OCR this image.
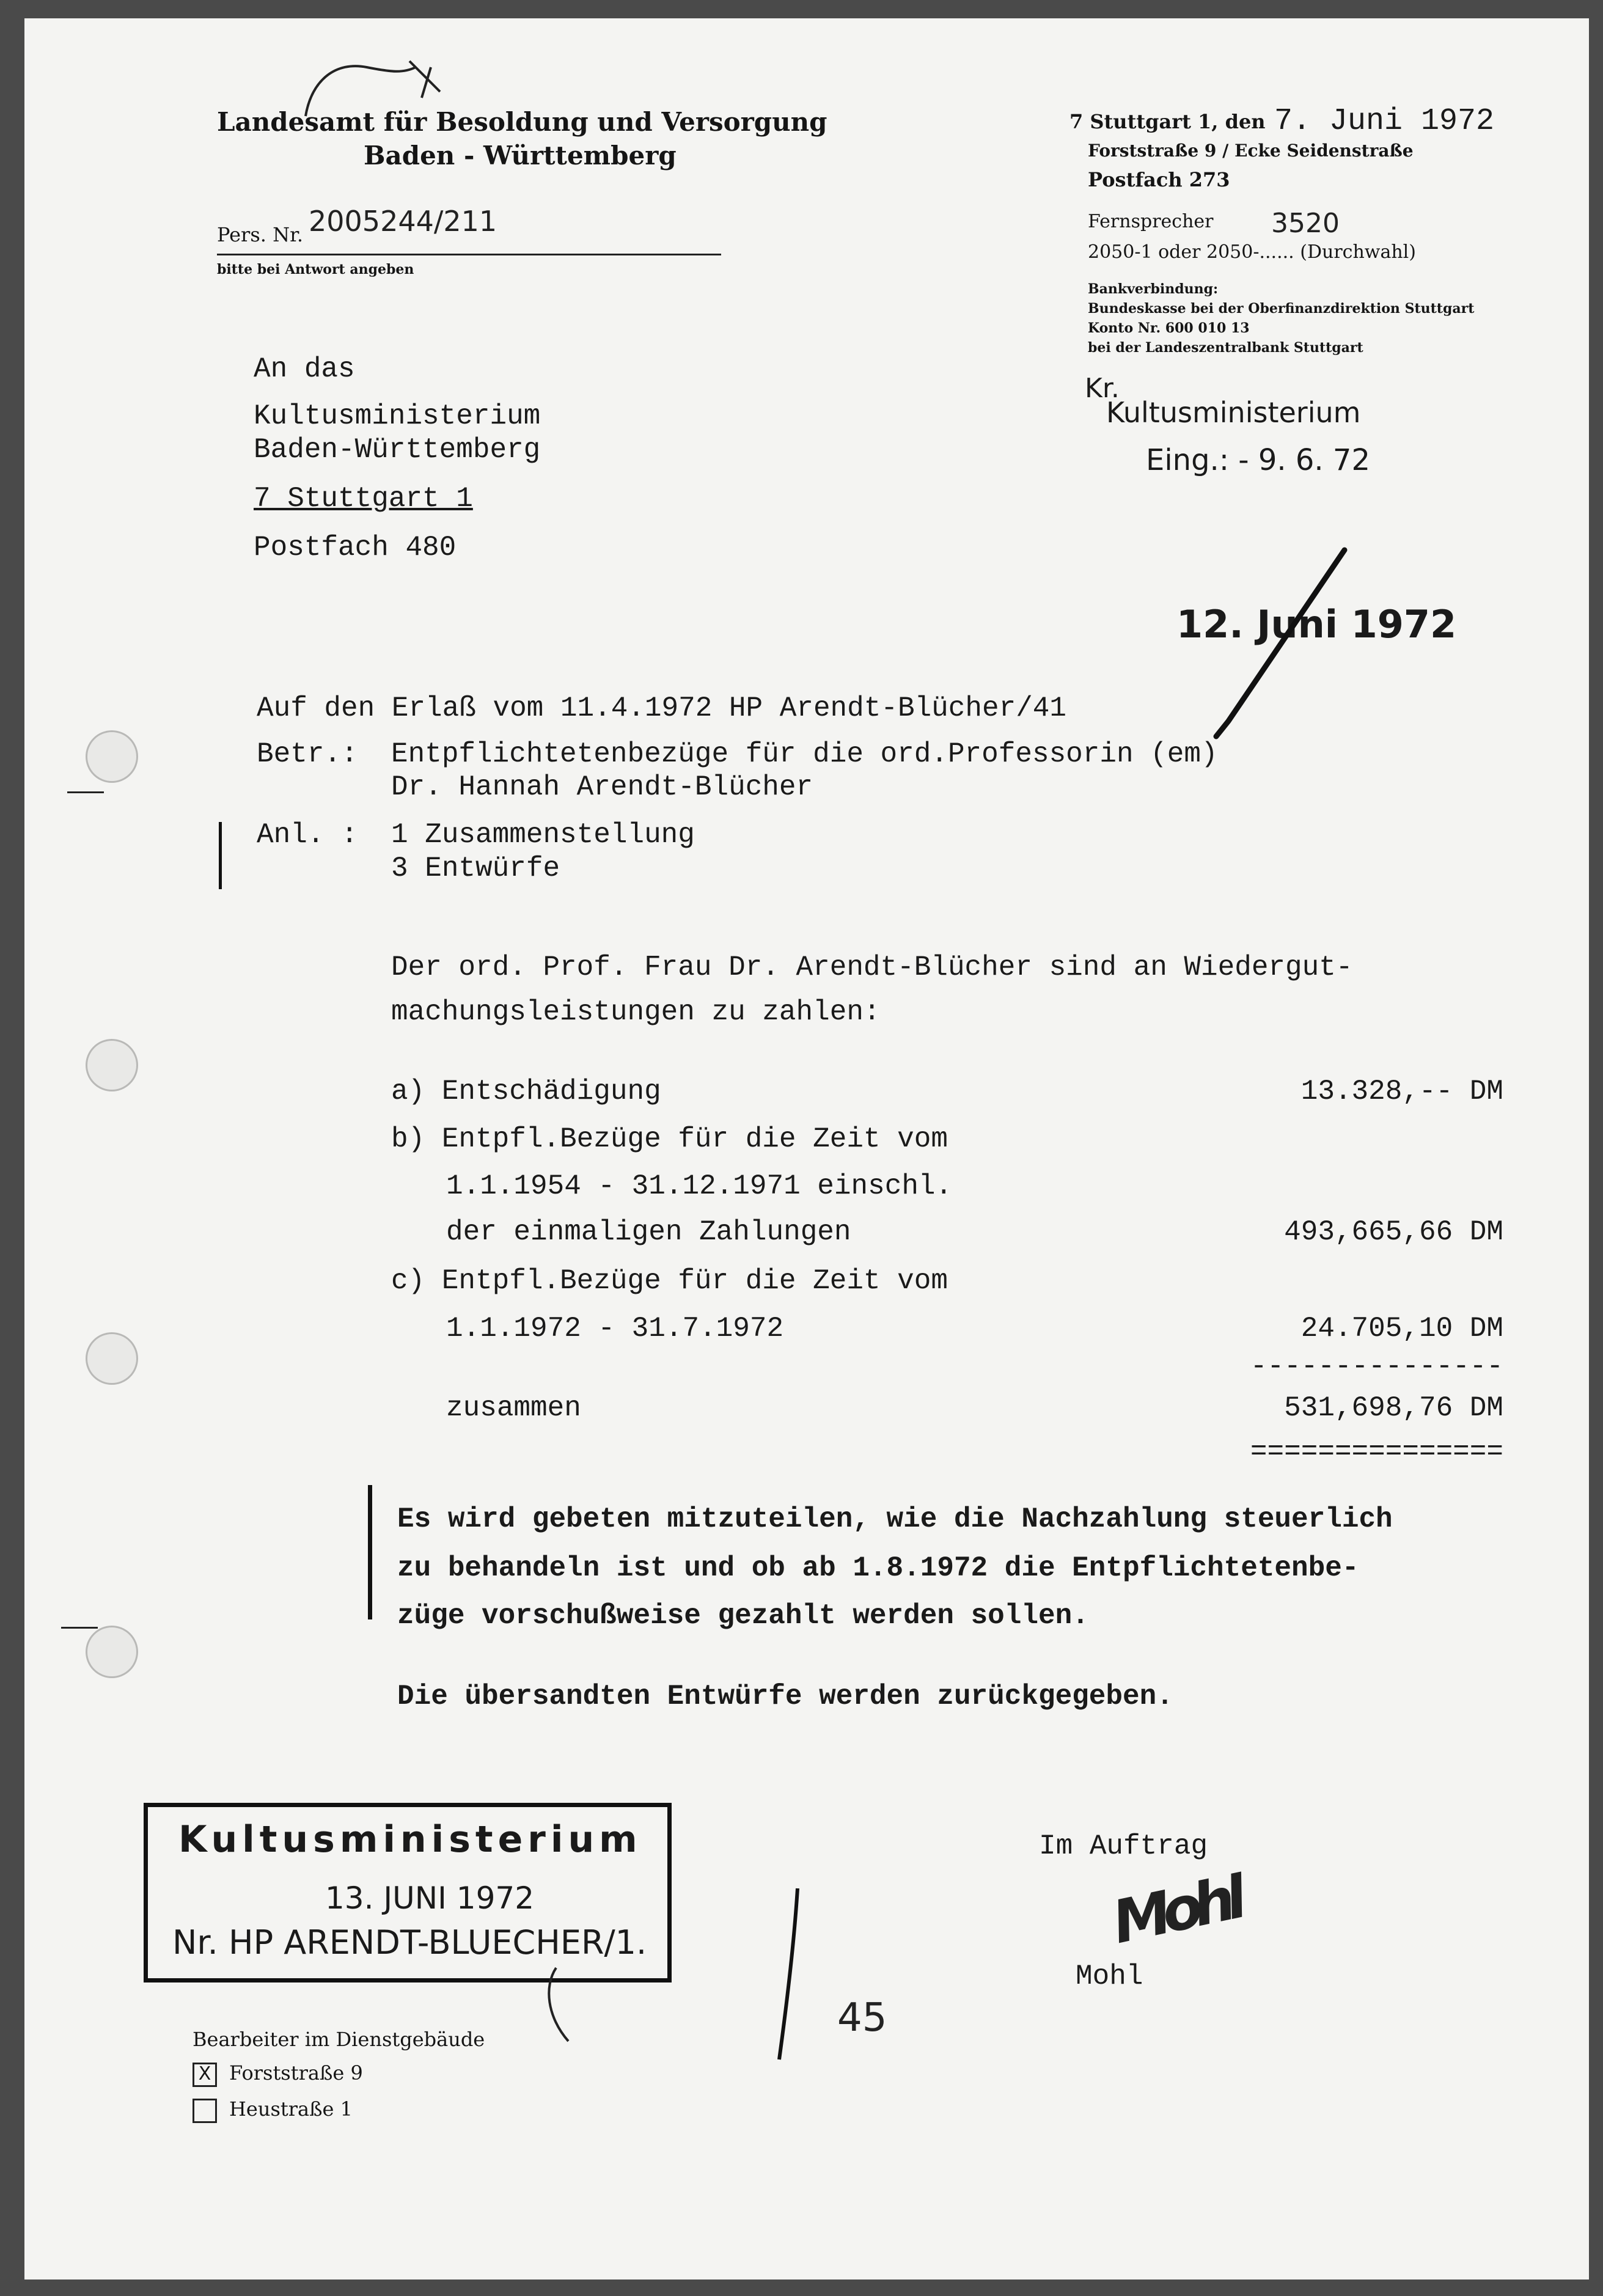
Landesamt für Besoldung und Versorgung
Baden - Württemberg
Pers. Nr. 2005244/211
bitte bei Antwort angeben
7 Stuttgart 1, den 7. Juni 1972
Forststraße 9 / Ecke Seidenstraße
Postfach 273
Fernsprecher 3520
2050-1 oder 2050-...... (Durchwahl)
Bankverbindung:
Bundeskasse bei der Oberfinanzdirektion Stuttgart
Konto Nr. 600 010 13
bei der Landeszentralbank Stuttgart
An das
Kultusministerium
Baden-Württemberg
7 Stuttgart 1
Postfach 480
Kr.
Kultusministerium
Eing.: - 9. 6. 72
12. Juni 1972
Auf den Erlaß vom 11.4.1972 HP Arendt-Blücher/41
Betr.: Entpflichtetenbezüge für die ord.Professorin (em)
Dr. Hannah Arendt-Blücher
Anl. : 1 Zusammenstellung
3 Entwürfe
Der ord. Prof. Frau Dr. Arendt-Blücher sind an Wiedergut-
machungsleistungen zu zahlen:
a) Entschädigung	13.328,-- DM
b) Entpfl.Bezüge für die Zeit vom
1.1.1954 - 31.12.1971 einschl.
der einmaligen Zahlungen	493,665,66 DM
c) Entpfl.Bezüge für die Zeit vom
1.1.1972 - 31.7.1972	24.705,10 DM
---------------
zusammen	531,698,76 DM
===============
Es wird gebeten mitzuteilen, wie die Nachzahlung steuerlich
zu behandeln ist und ob ab 1.8.1972 die Entpflichtetenbe-
züge vorschußweise gezahlt werden sollen.
Die übersandten Entwürfe werden zurückgegeben.
Kultusministerium
13. JUNI 1972
Nr. HP ARENDT-BLUECHER/1.
45
Im Auftrag
Mohl
Mohl
Bearbeiter im Dienstgebäude
X Forststraße 9
Heustraße 1
